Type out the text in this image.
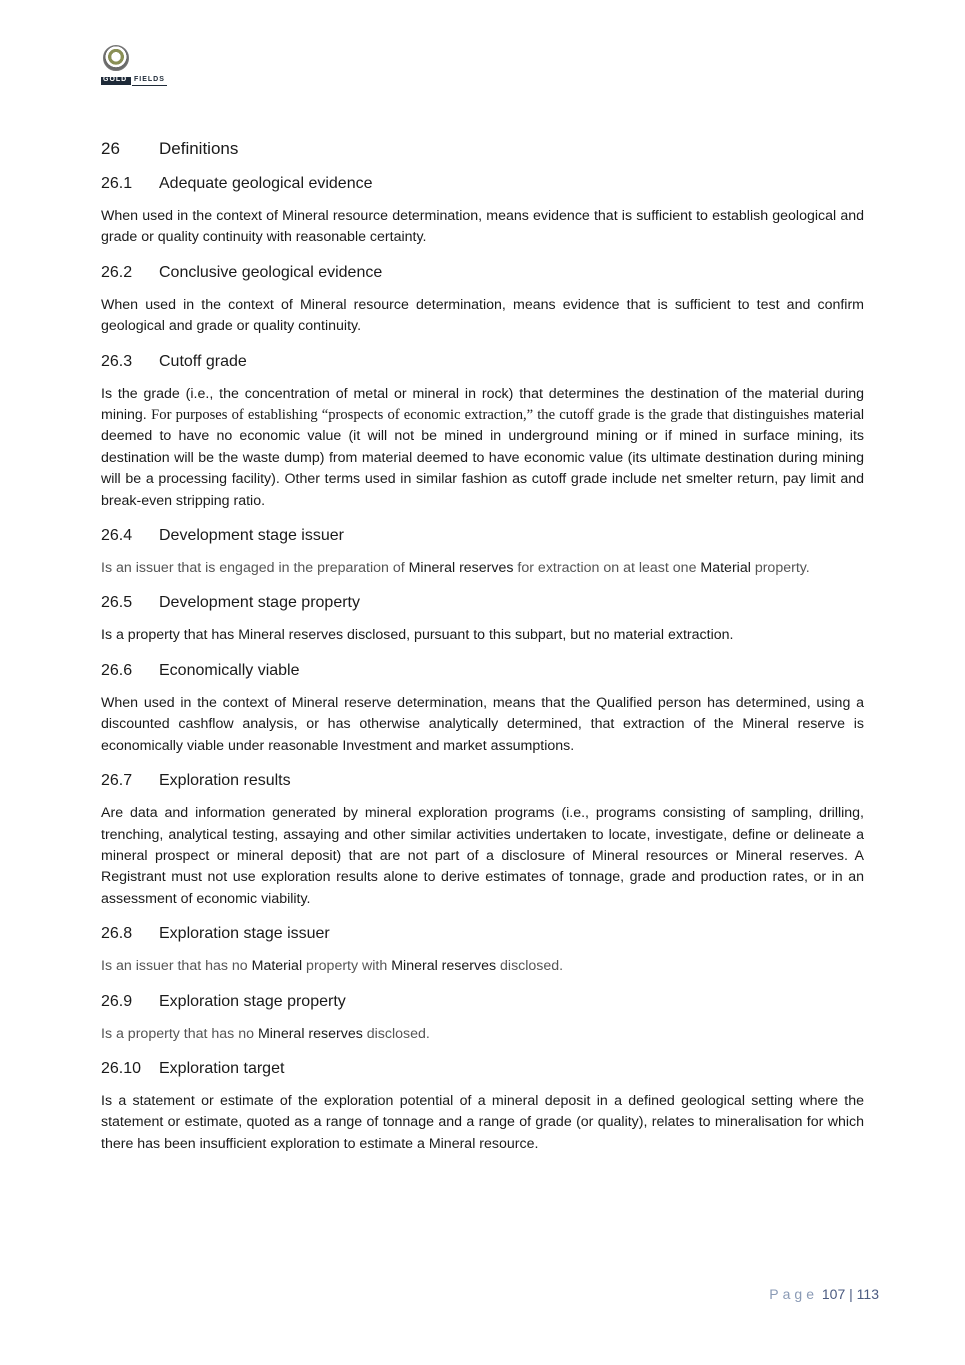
GOLD FIELDS
26 Definitions
26.1 Adequate geological evidence

When used in the context of Mineral resource determination, means evidence that is sufficient to establish geological and grade or quality continuity with reasonable certainty.

26.2 Conclusive geological evidence

When used in the context of Mineral resource determination, means evidence that is sufficient to test and confirm geological and grade or quality continuity.

26.3 Cutoff grade

Is the grade (i.e., the concentration of metal or mineral in rock) that determines the destination of the material during mining. For purposes of establishing “prospects of economic extraction,” the cutoff grade is the grade that distinguishes material deemed to have no economic value (it will not be mined in underground mining or if mined in surface mining, its destination will be the waste dump) from material deemed to have economic value (its ultimate destination during mining will be a processing facility). Other terms used in similar fashion as cutoff grade include net smelter return, pay limit and break-even stripping ratio.

26.4 Development stage issuer

Is an issuer that is engaged in the preparation of Mineral reserves for extraction on at least one Material property.

26.5 Development stage property

Is a property that has Mineral reserves disclosed, pursuant to this subpart, but no material extraction.

26.6 Economically viable

When used in the context of Mineral reserve determination, means that the Qualified person has determined, using a discounted cashflow analysis, or has otherwise analytically determined, that extraction of the Mineral reserve is economically viable under reasonable Investment and market assumptions.

26.7 Exploration results

Are data and information generated by mineral exploration programs (i.e., programs consisting of sampling, drilling, trenching, analytical testing, assaying and other similar activities undertaken to locate, investigate, define or delineate a mineral prospect or mineral deposit) that are not part of a disclosure of Mineral resources or Mineral reserves. A Registrant must not use exploration results alone to derive estimates of tonnage, grade and production rates, or in an assessment of economic viability.

26.8 Exploration stage issuer

Is an issuer that has no Material property with Mineral reserves disclosed.

26.9 Exploration stage property

Is a property that has no Mineral reserves disclosed.

26.10 Exploration target

Is a statement or estimate of the exploration potential of a mineral deposit in a defined geological setting where the statement or estimate, quoted as a range of tonnage and a range of grade (or quality), relates to mineralisation for which there has been insufficient exploration to estimate a Mineral resource.

Page 107 | 113
